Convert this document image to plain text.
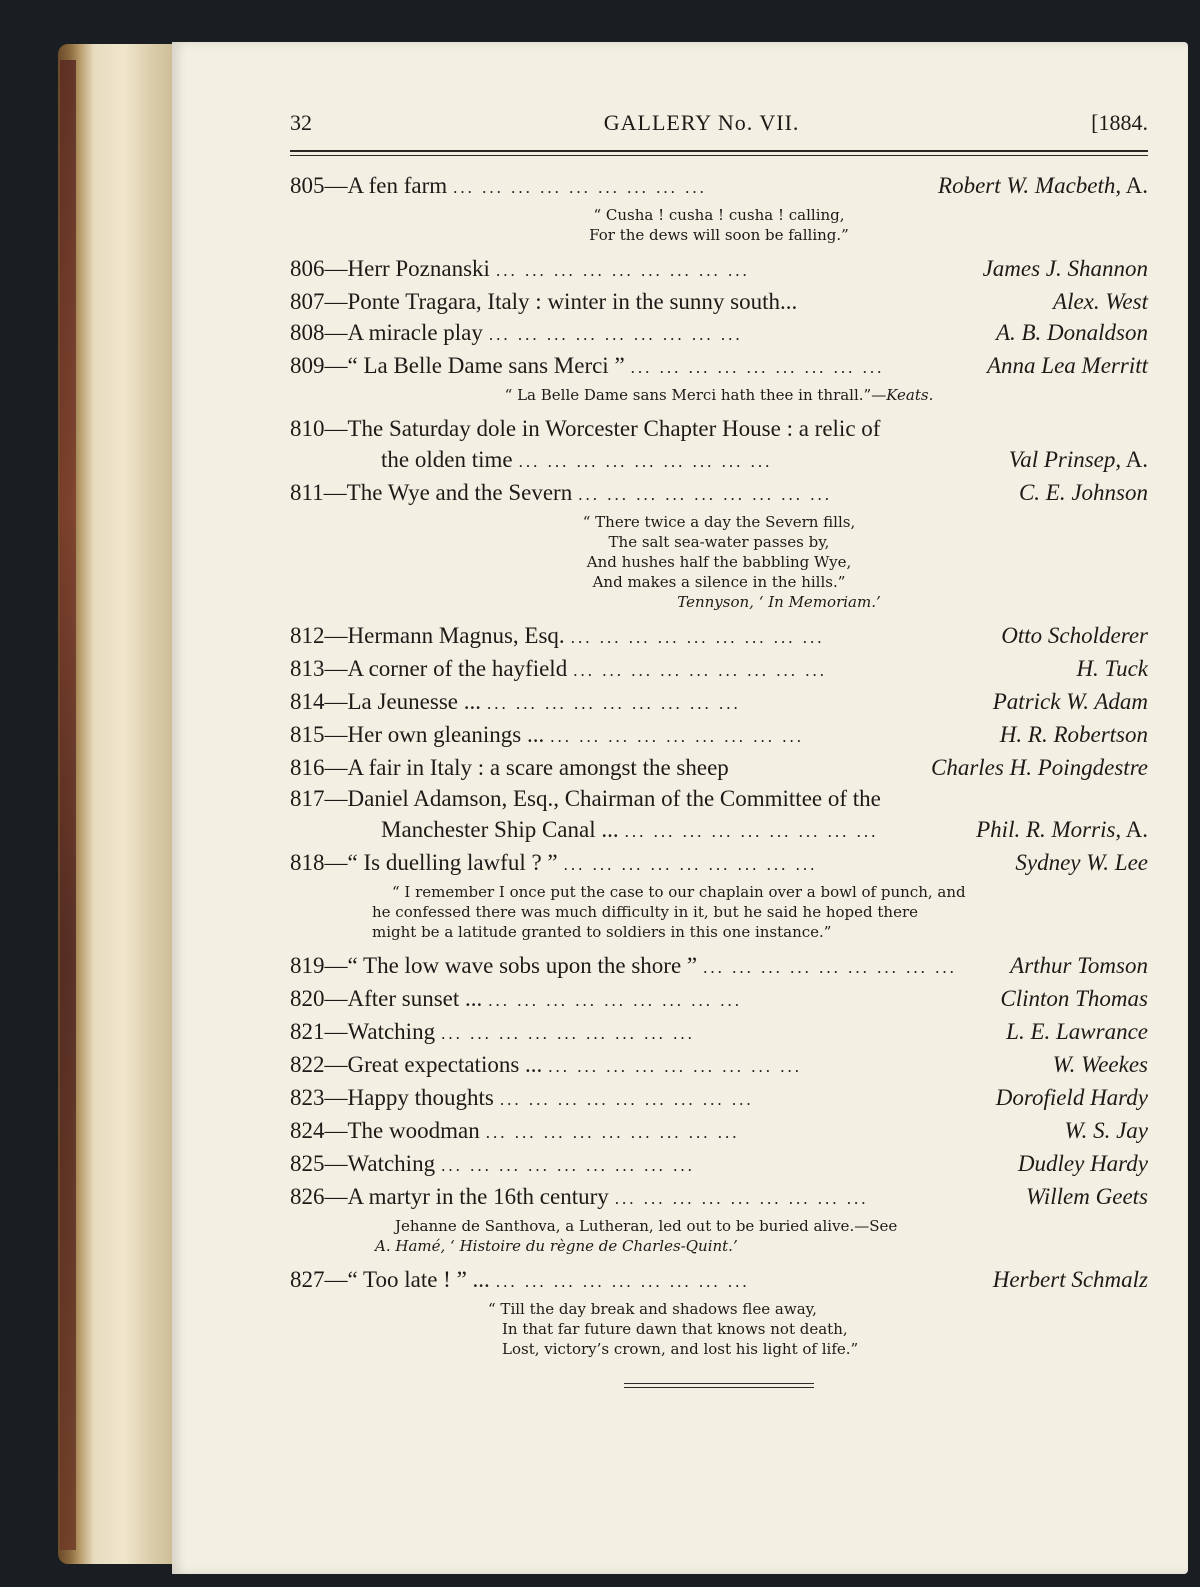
32	GALLERY No. VII.	[1884.
805—A fen farm ... ... ... ... ... ... ... ... ...	Robert W. Macbeth, A.
“ Cusha ! cusha ! cusha ! calling,
For the dews will soon be falling.”
806—Herr Poznanski ... ... ... ... ... ... ... ... ...	James J. Shannon
807—Ponte Tragara, Italy : winter in the sunny south...	Alex. West
808—A miracle play ... ... ... ... ... ... ... ... ...	A. B. Donaldson
809—“ La Belle Dame sans Merci ” ... ... ... ... ... ... ... ... ...	Anna Lea Merritt
“ La Belle Dame sans Merci hath thee in thrall.”—Keats.
810—The Saturday dole in Worcester Chapter House : a relic of
the olden time ... ... ... ... ... ... ... ... ...	Val Prinsep, A.
811—The Wye and the Severn ... ... ... ... ... ... ... ... ...	C. E. Johnson
“ There twice a day the Severn fills,
The salt sea-water passes by,
And hushes half the babbling Wye,
And makes a silence in the hills.”
Tennyson, ‘ In Memoriam.’
812—Hermann Magnus, Esq. ... ... ... ... ... ... ... ... ...	Otto Scholderer
813—A corner of the hayfield ... ... ... ... ... ... ... ... ...	H. Tuck
814—La Jeunesse ... ... ... ... ... ... ... ... ... ...	Patrick W. Adam
815—Her own gleanings ... ... ... ... ... ... ... ... ... ...	H. R. Robertson
816—A fair in Italy : a scare amongst the sheep	Charles H. Poingdestre
817—Daniel Adamson, Esq., Chairman of the Committee of the
Manchester Ship Canal ... ... ... ... ... ... ... ... ... ...	Phil. R. Morris, A.
818—“ Is duelling lawful ? ” ... ... ... ... ... ... ... ... ...	Sydney W. Lee
“ I remember I once put the case to our chaplain over a bowl of punch, and
he confessed there was much difficulty in it, but he said he hoped there
might be a latitude granted to soldiers in this one instance.”
819—“ The low wave sobs upon the shore ” ... ... ... ... ... ... ... ... ...	Arthur Tomson
820—After sunset ... ... ... ... ... ... ... ... ... ...	Clinton Thomas
821—Watching ... ... ... ... ... ... ... ... ...	L. E. Lawrance
822—Great expectations ... ... ... ... ... ... ... ... ... ...	W. Weekes
823—Happy thoughts ... ... ... ... ... ... ... ... ...	Dorofield Hardy
824—The woodman ... ... ... ... ... ... ... ... ...	W. S. Jay
825—Watching ... ... ... ... ... ... ... ... ...	Dudley Hardy
826—A martyr in the 16th century ... ... ... ... ... ... ... ... ...	Willem Geets
Jehanne de Santhova, a Lutheran, led out to be buried alive.—See
A. Hamé, ‘ Histoire du règne de Charles-Quint.’
827—“ Too late ! ” ... ... ... ... ... ... ... ... ... ...	Herbert Schmalz
“ Till the day break and shadows flee away,
In that far future dawn that knows not death,
Lost, victory’s crown, and lost his light of life.”
